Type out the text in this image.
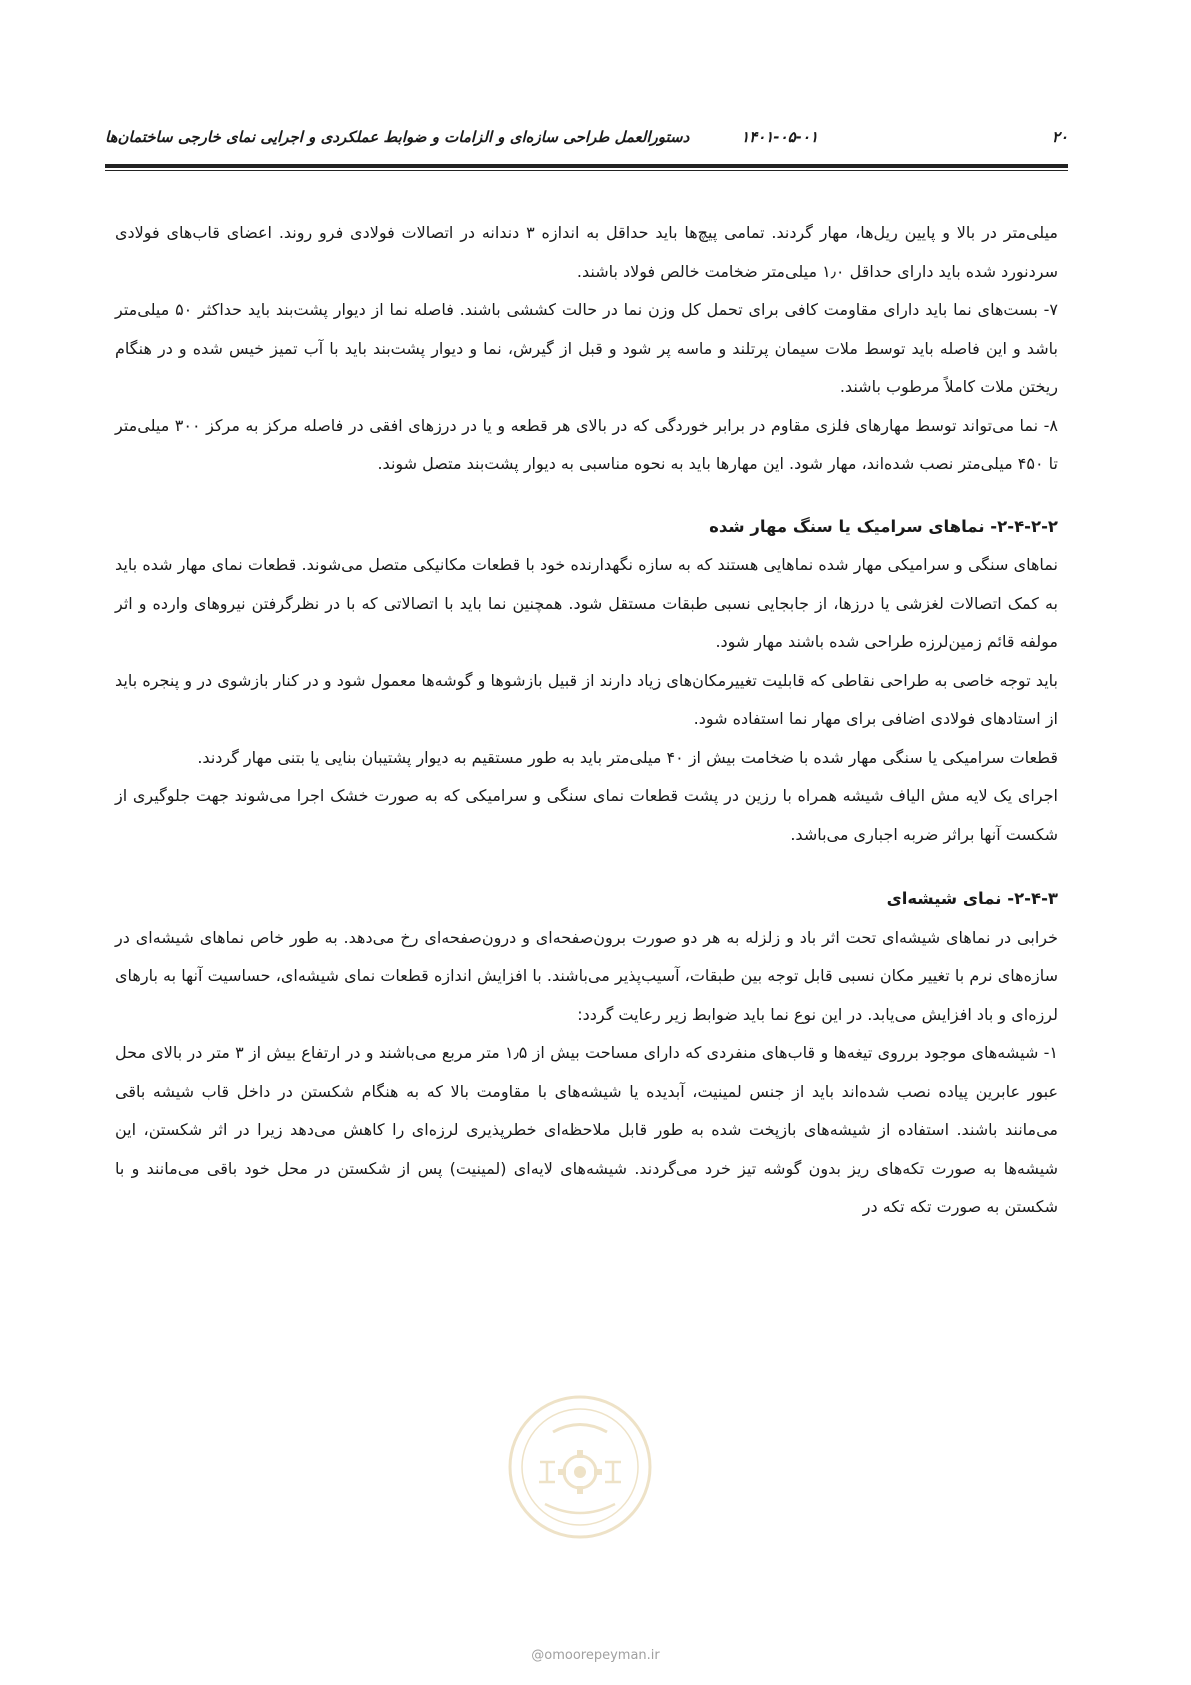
۲۰
۱۴۰۱-۰۵-۰۱
دستورالعمل طراحی سازه‌ای و الزامات و ضوابط عملکردی و اجرایی نمای خارجی ساختمان‌ها

میلی‌متر در بالا و پایین ریل‌ها، مهار گردند. تمامی پیچ‌ها باید حداقل به اندازه ۳ دندانه در اتصالات فولادی فرو روند. اعضای قاب‌های فولادی سردنورد شده باید دارای حداقل ۱٫۰ میلی‌متر ضخامت خالص فولاد باشند.

۷- بست‌های نما باید دارای مقاومت کافی برای تحمل کل وزن نما در حالت کششی باشند. فاصله نما از دیوار پشت‌بند باید حداکثر ۵۰ میلی‌متر باشد و این فاصله باید توسط ملات سیمان پرتلند و ماسه پر شود و قبل از گیرش، نما و دیوار پشت‌بند باید با آب تمیز خیس شده و در هنگام ریختن ملات کاملاً مرطوب باشند.

۸- نما می‌تواند توسط مهارهای فلزی مقاوم در برابر خوردگی که در بالای هر قطعه و یا در درزهای افقی در فاصله مرکز به مرکز ۳۰۰ میلی‌متر تا ۴۵۰ میلی‌متر نصب شده‌اند، مهار شود. این مهارها باید به نحوه مناسبی به دیوار پشت‌بند متصل شوند.

۲-۴-۲-۲- نماهای سرامیک یا سنگ مهار شده

نماهای سنگی و سرامیکی مهار شده نماهایی هستند که به سازه نگهدارنده خود با قطعات مکانیکی متصل می‌شوند. قطعات نمای مهار شده باید به کمک اتصالات لغزشی یا درزها، از جابجایی نسبی طبقات مستقل شود. همچنین نما باید با اتصالاتی که با در نظرگرفتن نیروهای وارده و اثر مولفه قائم زمین‌لرزه طراحی شده باشند مهار شود.

باید توجه خاصی به طراحی نقاطی که قابلیت تغییرمکان‌های زیاد دارند از قبیل بازشوها و گوشه‌ها معمول شود و در کنار بازشوی در و پنجره باید از استادهای فولادی اضافی برای مهار نما استفاده شود.

قطعات سرامیکی یا سنگی مهار شده با ضخامت بیش از ۴۰ میلی‌متر باید به طور مستقیم به دیوار پشتیبان بنایی یا بتنی مهار گردند.

اجرای یک لایه مش الیاف شیشه همراه با رزین در پشت قطعات نمای سنگی و سرامیکی که به صورت خشک اجرا می‌شوند جهت جلوگیری از شکست آنها براثر ضربه اجباری می‌باشد.

۲-۴-۳- نمای شیشه‌ای

خرابی در نماهای شیشه‌ای تحت اثر باد و زلزله به هر دو صورت برون‌صفحه‌ای و درون‌صفحه‌ای رخ می‌دهد. به طور خاص نماهای شیشه‌ای در سازه‌های نرم با تغییر مکان نسبی قابل توجه بین طبقات، آسیب‌پذیر می‌باشند. با افزایش اندازه قطعات نمای شیشه‌ای، حساسیت آنها به بارهای لرزه‌ای و باد افزایش می‌یابد. در این نوع نما باید ضوابط زیر رعایت گردد:

۱- شیشه‌های موجود برروی تیغه‌ها و قاب‌های منفردی که دارای مساحت بیش از ۱٫۵ متر مربع می‌باشند و در ارتفاع بیش از ۳ متر در بالای محل عبور عابرین پیاده نصب شده‌اند باید از جنس لمینیت، آبدیده یا شیشه‌های با مقاومت بالا که به هنگام شکستن در داخل قاب شیشه باقی می‌مانند باشند. استفاده از شیشه‌های بازپخت شده به طور قابل ملاحظه‌ای خطرپذیری لرزه‌ای را کاهش می‌دهد زیرا در اثر شکستن، این شیشه‌ها به صورت تکه‌های ریز بدون گوشه تیز خرد می‌گردند. شیشه‌های لایه‌ای (لمینیت) پس از شکستن در محل خود باقی می‌مانند و با شکستن به صورت تکه تکه در

@omoorepeyman.ir
